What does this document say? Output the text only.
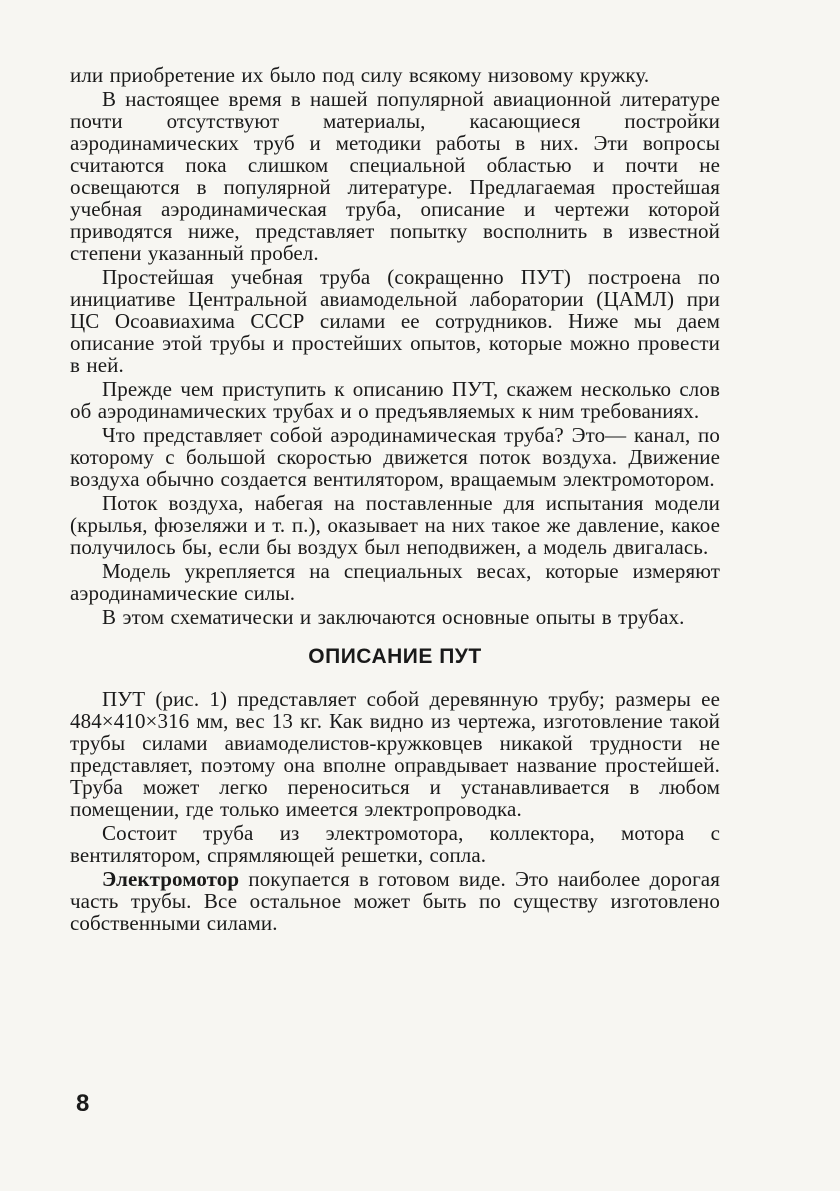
или приобретение их было под силу всякому низовому кружку.

В настоящее время в нашей популярной авиационной литературе почти отсутствуют материалы, касающиеся постройки аэродинамических труб и методики работы в них. Эти вопросы считаются пока слишком специальной областью и почти не освещаются в популярной литературе. Предлагаемая простейшая учебная аэродинамическая труба, описание и чертежи которой приводятся ниже, представляет попытку восполнить в известной степени указанный пробел.

Простейшая учебная труба (сокращенно ПУТ) построена по инициативе Центральной авиамодельной лаборатории (ЦАМЛ) при ЦС Осоавиахима СССР силами ее сотрудников. Ниже мы даем описание этой трубы и простейших опытов, которые можно провести в ней.

Прежде чем приступить к описанию ПУТ, скажем несколько слов об аэродинамических трубах и о предъявляемых к ним требованиях.

Что представляет собой аэродинамическая труба? Это— канал, по которому с большой скоростью движется поток воздуха. Движение воздуха обычно создается вентилятором, вращаемым электромотором.

Поток воздуха, набегая на поставленные для испытания модели (крылья, фюзеляжи и т. п.), оказывает на них такое же давление, какое получилось бы, если бы воздух был неподвижен, а модель двигалась.

Модель укрепляется на специальных весах, которые измеряют аэродинамические силы.

В этом схематически и заключаются основные опыты в трубах.

ОПИСАНИЕ ПУТ

ПУТ (рис. 1) представляет собой деревянную трубу; размеры ее 484×410×316 мм, вес 13 кг. Как видно из чертежа, изготовление такой трубы силами авиамоделистов-кружковцев никакой трудности не представляет, поэтому она вполне оправдывает название простейшей. Труба может легко переноситься и устанавливается в любом помещении, где только имеется электропроводка.

Состоит труба из электромотора, коллектора, мотора с вентилятором, спрямляющей решетки, сопла.

Электромотор покупается в готовом виде. Это наиболее дорогая часть трубы. Все остальное может быть по существу изготовлено собственными силами.

8
